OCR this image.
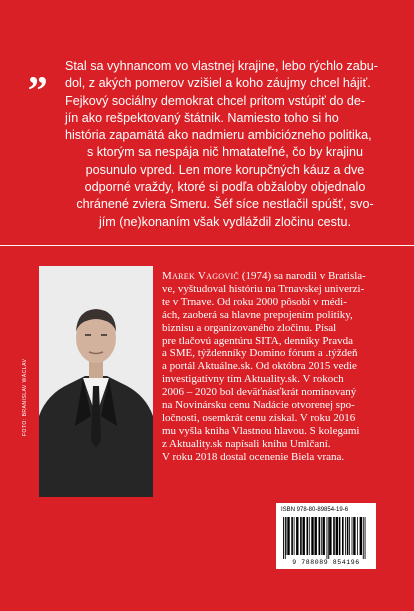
„ Stal sa vyhnancom vo vlastnej krajine, lebo rýchlo zabu-
dol, z akých pomerov vzišiel a koho záujmy chcel hájiť.
Fejkový sociálny demokrat chcel pritom vstúpiť do de-
jín ako rešpektovaný štátnik. Namiesto toho si ho
história zapamätá ako nadmieru ambiciózneho politika,
s ktorým sa nespája nič hmatateľné, čo by krajinu
posunulo vpred. Len more korupčných káuz a dve
odporné vraždy, ktoré si podľa obžaloby objednalo
chránené zviera Smeru. Šéf síce nestlačil spúšť, svo-
jím (ne)konaním však vydláždil zločinu cestu.
FOTO: BRANISLAV WÁCLAV
Marek Vagovič (1974) sa narodil v Bratisla-
ve, vyštudoval históriu na Trnavskej univerzi-
te v Trnave. Od roku 2000 pôsobí v médi-
ách, zaoberá sa hlavne prepojením politiky,
biznisu a organizovaného zločinu. Písal
pre tlačovú agentúru SITA, denníky Pravda
a SME, týždenníky Domino fórum a .týždeň
a portál Aktuálne.sk. Od októbra 2015 vedie
investigatívny tím Aktuality.sk. V rokoch
2006 – 2020 bol deväťnásťkrát nominovaný
na Novinársku cenu Nadácie otvorenej spo-
ločnosti, osemkrát cenu získal. V roku 2016
mu vyšla kniha Vlastnou hlavou. S kolegami
z Aktuality.sk napísali knihu Umlčaní.
V roku 2018 dostal ocenenie Biela vrana.
ISBN 978-80-89854-19-6
9 788089 854196
